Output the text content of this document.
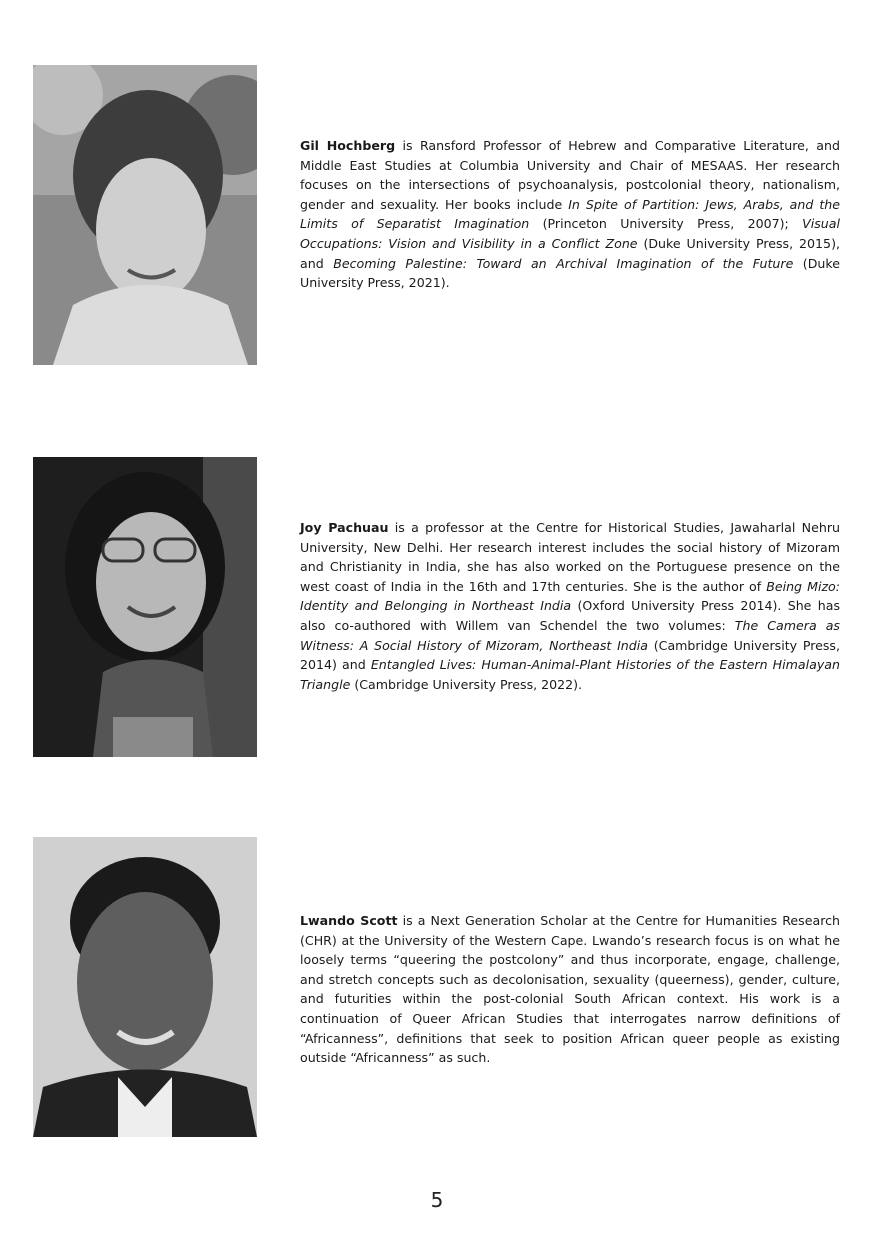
Gil Hochberg is Ransford Professor of Hebrew and Comparative Literature, and Middle East Studies at Columbia University and Chair of MESAAS. Her research focuses on the intersections of psychoanalysis, postcolonial theory, nationalism, gender and sexuality. Her books include In Spite of Partition: Jews, Arabs, and the Limits of Separatist Imagination (Princeton University Press, 2007); Visual Occupations: Vision and Visibility in a Conflict Zone (Duke University Press, 2015), and Becoming Palestine: Toward an Archival Imagination of the Future (Duke University Press, 2021).

Joy Pachuau is a professor at the Centre for Historical Studies, Jawaharlal Nehru University, New Delhi. Her research interest includes the social history of Mizoram and Christianity in India, she has also worked on the Portuguese presence on the west coast of India in the 16th and 17th centuries. She is the author of Being Mizo: Identity and Belonging in Northeast India (Oxford University Press 2014). She has also co-authored with Willem van Schendel the two volumes: The Camera as Witness: A Social History of Mizoram, Northeast India (Cambridge University Press, 2014) and Entangled Lives: Human-Animal-Plant Histories of the Eastern Himalayan Triangle (Cambridge University Press, 2022).

Lwando Scott is a Next Generation Scholar at the Centre for Humanities Research (CHR) at the University of the Western Cape. Lwando’s research focus is on what he loosely terms “queering the postcolony” and thus incorporate, engage, challenge, and stretch concepts such as decolonisation, sexuality (queerness), gender, culture, and futurities within the post-colonial South African context. His work is a continuation of Queer African Studies that interrogates narrow definitions of “Africanness”, definitions that seek to position African queer people as existing outside “Africanness” as such.

5
